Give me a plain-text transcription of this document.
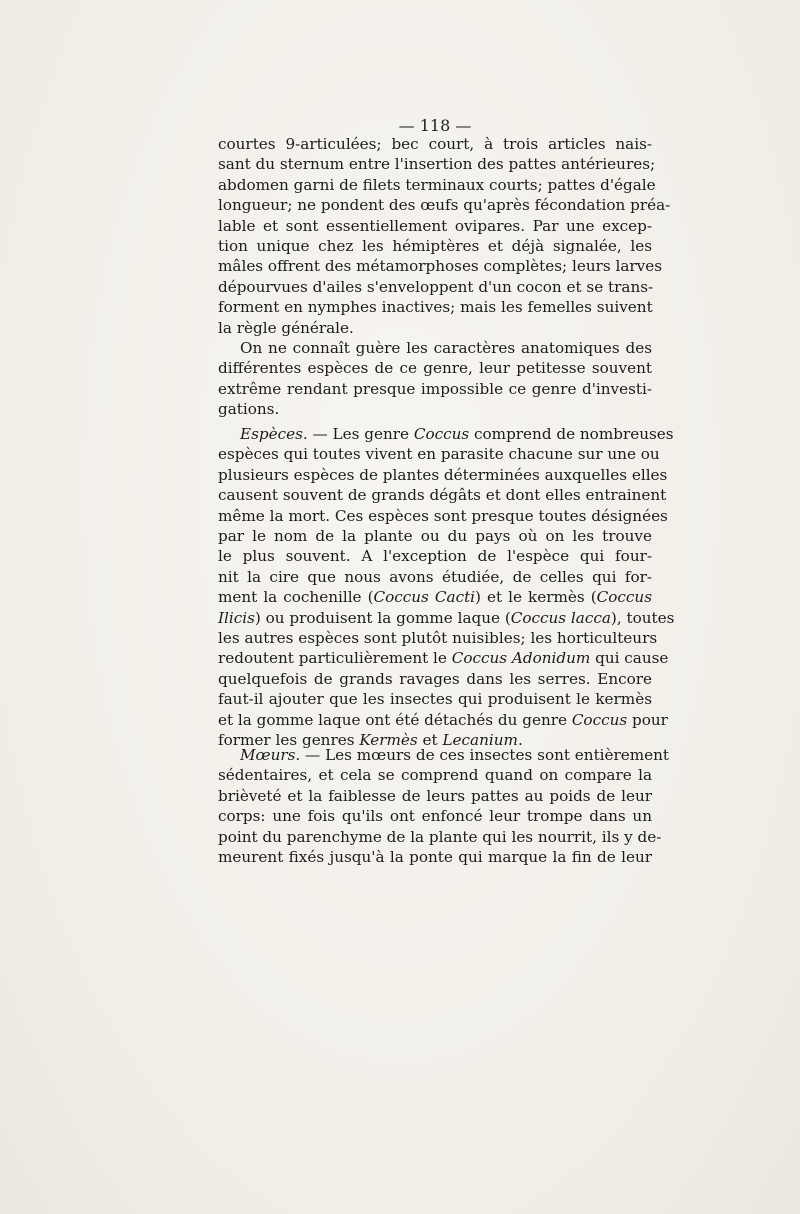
— 118 —

courtes 9-articulées; bec court, à trois articles nais-
sant du sternum entre l'insertion des pattes antérieures;
abdomen garni de filets terminaux courts; pattes d'égale
longueur; ne pondent des œufs qu'après fécondation préa-
lable et sont essentiellement ovipares. Par une excep-
tion unique chez les hémiptères et déjà signalée, les
mâles offrent des métamorphoses complètes; leurs larves
dépourvues d'ailes s'enveloppent d'un cocon et se trans-
forment en nymphes inactives; mais les femelles suivent
la règle générale.

On ne connaît guère les caractères anatomiques des
différentes espèces de ce genre, leur petitesse souvent
extrême rendant presque impossible ce genre d'investi-
gations.

Espèces. — Les genre Coccus comprend de nombreuses
espèces qui toutes vivent en parasite chacune sur une ou
plusieurs espèces de plantes déterminées auxquelles elles
causent souvent de grands dégâts et dont elles entrainent
même la mort. Ces espèces sont presque toutes désignées
par le nom de la plante ou du pays où on les trouve
le plus souvent. A l'exception de l'espèce qui four-
nit la cire que nous avons étudiée, de celles qui for-
ment la cochenille (Coccus Cacti) et le kermès (Coccus
Ilicis) ou produisent la gomme laque (Coccus lacca), toutes
les autres espèces sont plutôt nuisibles; les horticulteurs
redoutent particulièrement le Coccus Adonidum qui cause
quelquefois de grands ravages dans les serres. Encore
faut-il ajouter que les insectes qui produisent le kermès
et la gomme laque ont été détachés du genre Coccus pour
former les genres Kermès et Lecanium.

Mœurs. — Les mœurs de ces insectes sont entièrement
sédentaires, et cela se comprend quand on compare la
brièveté et la faiblesse de leurs pattes au poids de leur
corps: une fois qu'ils ont enfoncé leur trompe dans un
point du parenchyme de la plante qui les nourrit, ils y de-
meurent fixés jusqu'à la ponte qui marque la fin de leur
